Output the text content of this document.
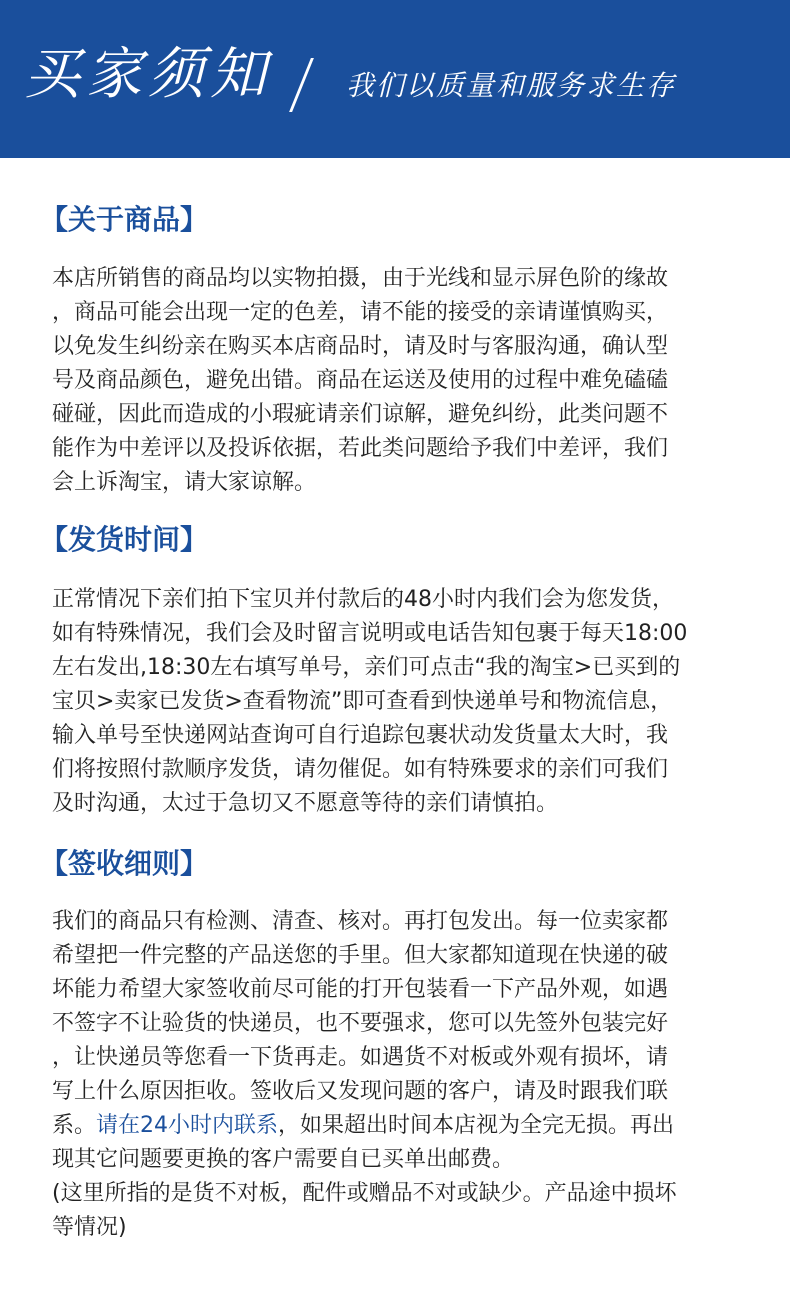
买家须知	我们以质量和服务求生存
【关于商品】

本店所销售的商品均以实物拍摄，由于光线和显示屏色阶的缘故

，商品可能会出现一定的色差，请不能的接受的亲请谨慎购买，

以免发生纠纷亲在购买本店商品时，请及时与客服沟通，确认型

号及商品颜色，避免出错。商品在运送及使用的过程中难免磕磕

碰碰，因此而造成的小瑕疵请亲们谅解，避免纠纷，此类问题不

能作为中差评以及投诉依据，若此类问题给予我们中差评，我们

会上诉淘宝，请大家谅解。

【发货时间】

正常情况下亲们拍下宝贝并付款后的48小时内我们会为您发货，

如有特殊情况，我们会及时留言说明或电话告知包裹于每天18:00

左右发出,18:30左右填写单号，亲们可点击“我的淘宝>已买到的

宝贝>卖家已发货>查看物流”即可查看到快递单号和物流信息，

输入单号至快递网站查询可自行追踪包裹状动发货量太大时，我

们将按照付款顺序发货，请勿催促。如有特殊要求的亲们可我们

及时沟通，太过于急切又不愿意等待的亲们请慎拍。

【签收细则】

我们的商品只有检测、清查、核对。再打包发出。每一位卖家都

希望把一件完整的产品送您的手里。但大家都知道现在快递的破

坏能力希望大家签收前尽可能的打开包装看一下产品外观，如遇

不签字不让验货的快递员，也不要强求，您可以先签外包装完好

，让快递员等您看一下货再走。如遇货不对板或外观有损坏，请

写上什么原因拒收。签收后又发现问题的客户，请及时跟我们联

系。请在24小时内联系，如果超出时间本店视为全完无损。再出

现其它问题要更换的客户需要自已买单出邮费。

(这里所指的是货不对板，配件或赠品不对或缺少。产品途中损坏

等情况)
